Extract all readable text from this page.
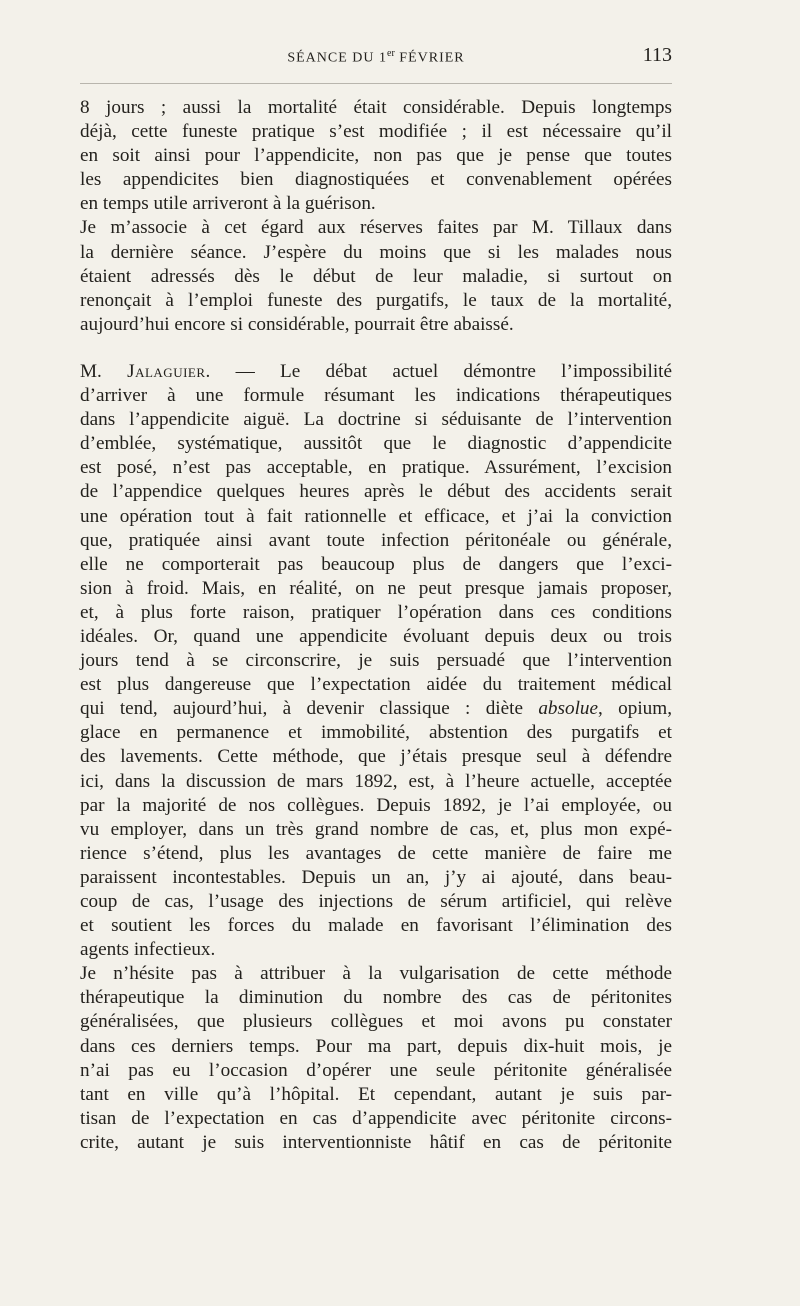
SÉANCE DU 1er FÉVRIER	113
8 jours ; aussi la mortalité était considérable. Depuis longtemps
déjà, cette funeste pratique s’est modifiée ; il est nécessaire qu’il
en soit ainsi pour l’appendicite, non pas que je pense que toutes
les appendicites bien diagnostiquées et convenablement opérées
en temps utile arriveront à la guérison.
Je m’associe à cet égard aux réserves faites par M. Tillaux dans
la dernière séance. J’espère du moins que si les malades nous
étaient adressés dès le début de leur maladie, si surtout on
renonçait à l’emploi funeste des purgatifs, le taux de la mortalité,
aujourd’hui encore si considérable, pourrait être abaissé.
M. Jalaguier. — Le débat actuel démontre l’impossibilité
d’arriver à une formule résumant les indications thérapeutiques
dans l’appendicite aiguë. La doctrine si séduisante de l’intervention
d’emblée, systématique, aussitôt que le diagnostic d’appendicite
est posé, n’est pas acceptable, en pratique. Assurément, l’excision
de l’appendice quelques heures après le début des accidents serait
une opération tout à fait rationnelle et efficace, et j’ai la conviction
que, pratiquée ainsi avant toute infection péritonéale ou générale,
elle ne comporterait pas beaucoup plus de dangers que l’exci-
sion à froid. Mais, en réalité, on ne peut presque jamais proposer,
et, à plus forte raison, pratiquer l’opération dans ces conditions
idéales. Or, quand une appendicite évoluant depuis deux ou trois
jours tend à se circonscrire, je suis persuadé que l’intervention
est plus dangereuse que l’expectation aidée du traitement médical
qui tend, aujourd’hui, à devenir classique : diète absolue, opium,
glace en permanence et immobilité, abstention des purgatifs et
des lavements. Cette méthode, que j’étais presque seul à défendre
ici, dans la discussion de mars 1892, est, à l’heure actuelle, acceptée
par la majorité de nos collègues. Depuis 1892, je l’ai employée, ou
vu employer, dans un très grand nombre de cas, et, plus mon expé-
rience s’étend, plus les avantages de cette manière de faire me
paraissent incontestables. Depuis un an, j’y ai ajouté, dans beau-
coup de cas, l’usage des injections de sérum artificiel, qui relève
et soutient les forces du malade en favorisant l’élimination des
agents infectieux.
Je n’hésite pas à attribuer à la vulgarisation de cette méthode
thérapeutique la diminution du nombre des cas de péritonites
généralisées, que plusieurs collègues et moi avons pu constater
dans ces derniers temps. Pour ma part, depuis dix-huit mois, je
n’ai pas eu l’occasion d’opérer une seule péritonite généralisée
tant en ville qu’à l’hôpital. Et cependant, autant je suis par-
tisan de l’expectation en cas d’appendicite avec péritonite circons-
crite, autant je suis interventionniste hâtif en cas de péritonite
